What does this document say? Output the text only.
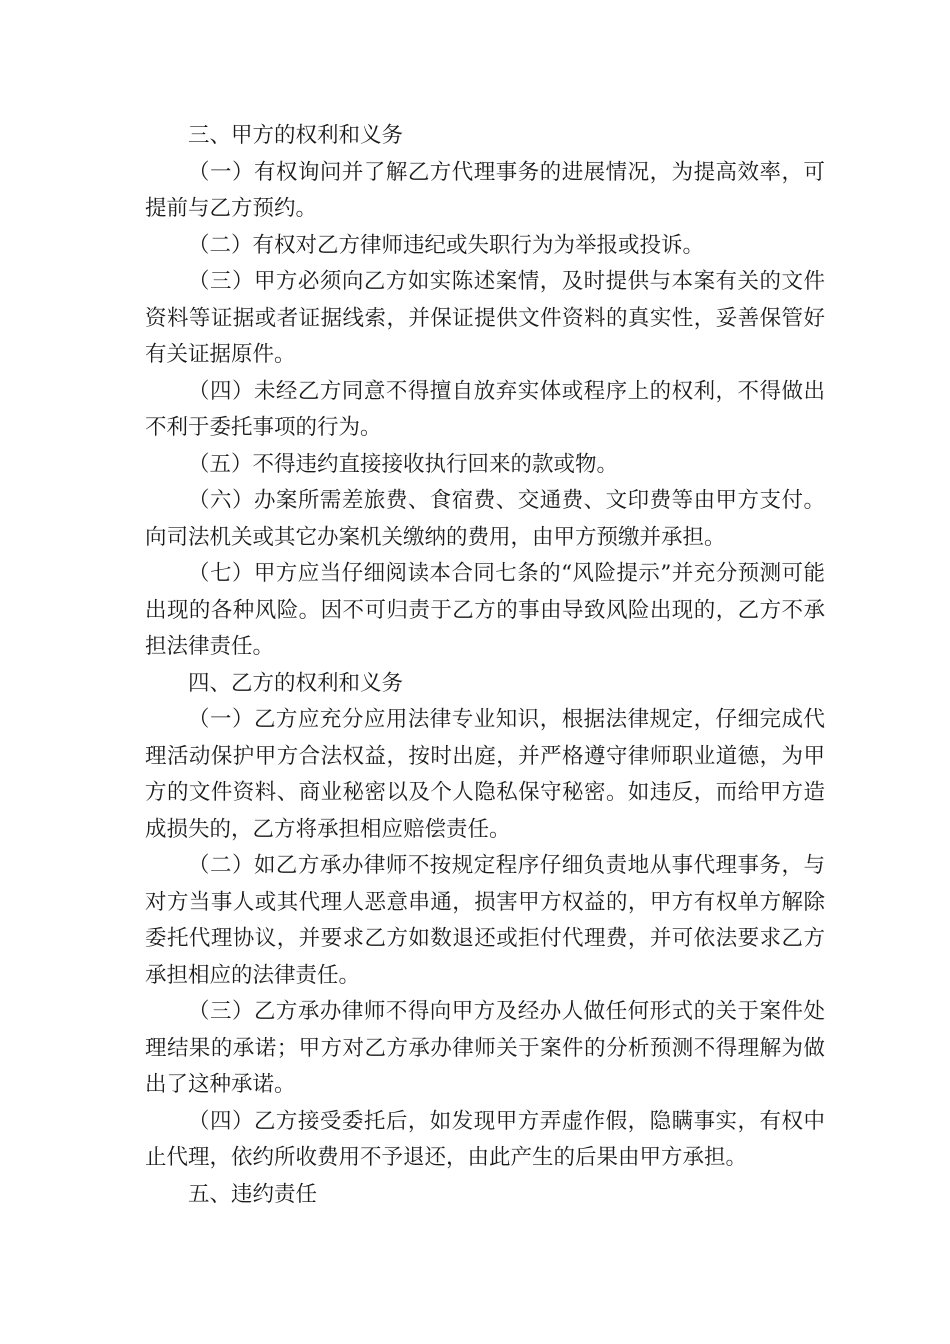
三、甲方的权利和义务

（一）有权询问并了解乙方代理事务的进展情况，为提高效率，可提前与乙方预约。

（二）有权对乙方律师违纪或失职行为为举报或投诉。

（三）甲方必须向乙方如实陈述案情，及时提供与本案有关的文件资料等证据或者证据线索，并保证提供文件资料的真实性，妥善保管好有关证据原件。

（四）未经乙方同意不得擅自放弃实体或程序上的权利，不得做出不利于委托事项的行为。

（五）不得违约直接接收执行回来的款或物。

（六）办案所需差旅费、食宿费、交通费、文印费等由甲方支付。向司法机关或其它办案机关缴纳的费用，由甲方预缴并承担。

（七）甲方应当仔细阅读本合同七条的“风险提示”并充分预测可能出现的各种风险。因不可归责于乙方的事由导致风险出现的，乙方不承担法律责任。

四、乙方的权利和义务

（一）乙方应充分应用法律专业知识，根据法律规定，仔细完成代理活动保护甲方合法权益，按时出庭，并严格遵守律师职业道德，为甲方的文件资料、商业秘密以及个人隐私保守秘密。如违反，而给甲方造成损失的，乙方将承担相应赔偿责任。

（二）如乙方承办律师不按规定程序仔细负责地从事代理事务，与对方当事人或其代理人恶意串通，损害甲方权益的，甲方有权单方解除委托代理协议，并要求乙方如数退还或拒付代理费，并可依法要求乙方承担相应的法律责任。

（三）乙方承办律师不得向甲方及经办人做任何形式的关于案件处理结果的承诺；甲方对乙方承办律师关于案件的分析预测不得理解为做出了这种承诺。

（四）乙方接受委托后，如发现甲方弄虚作假，隐瞒事实，有权中止代理，依约所收费用不予退还，由此产生的后果由甲方承担。

五、违约责任
